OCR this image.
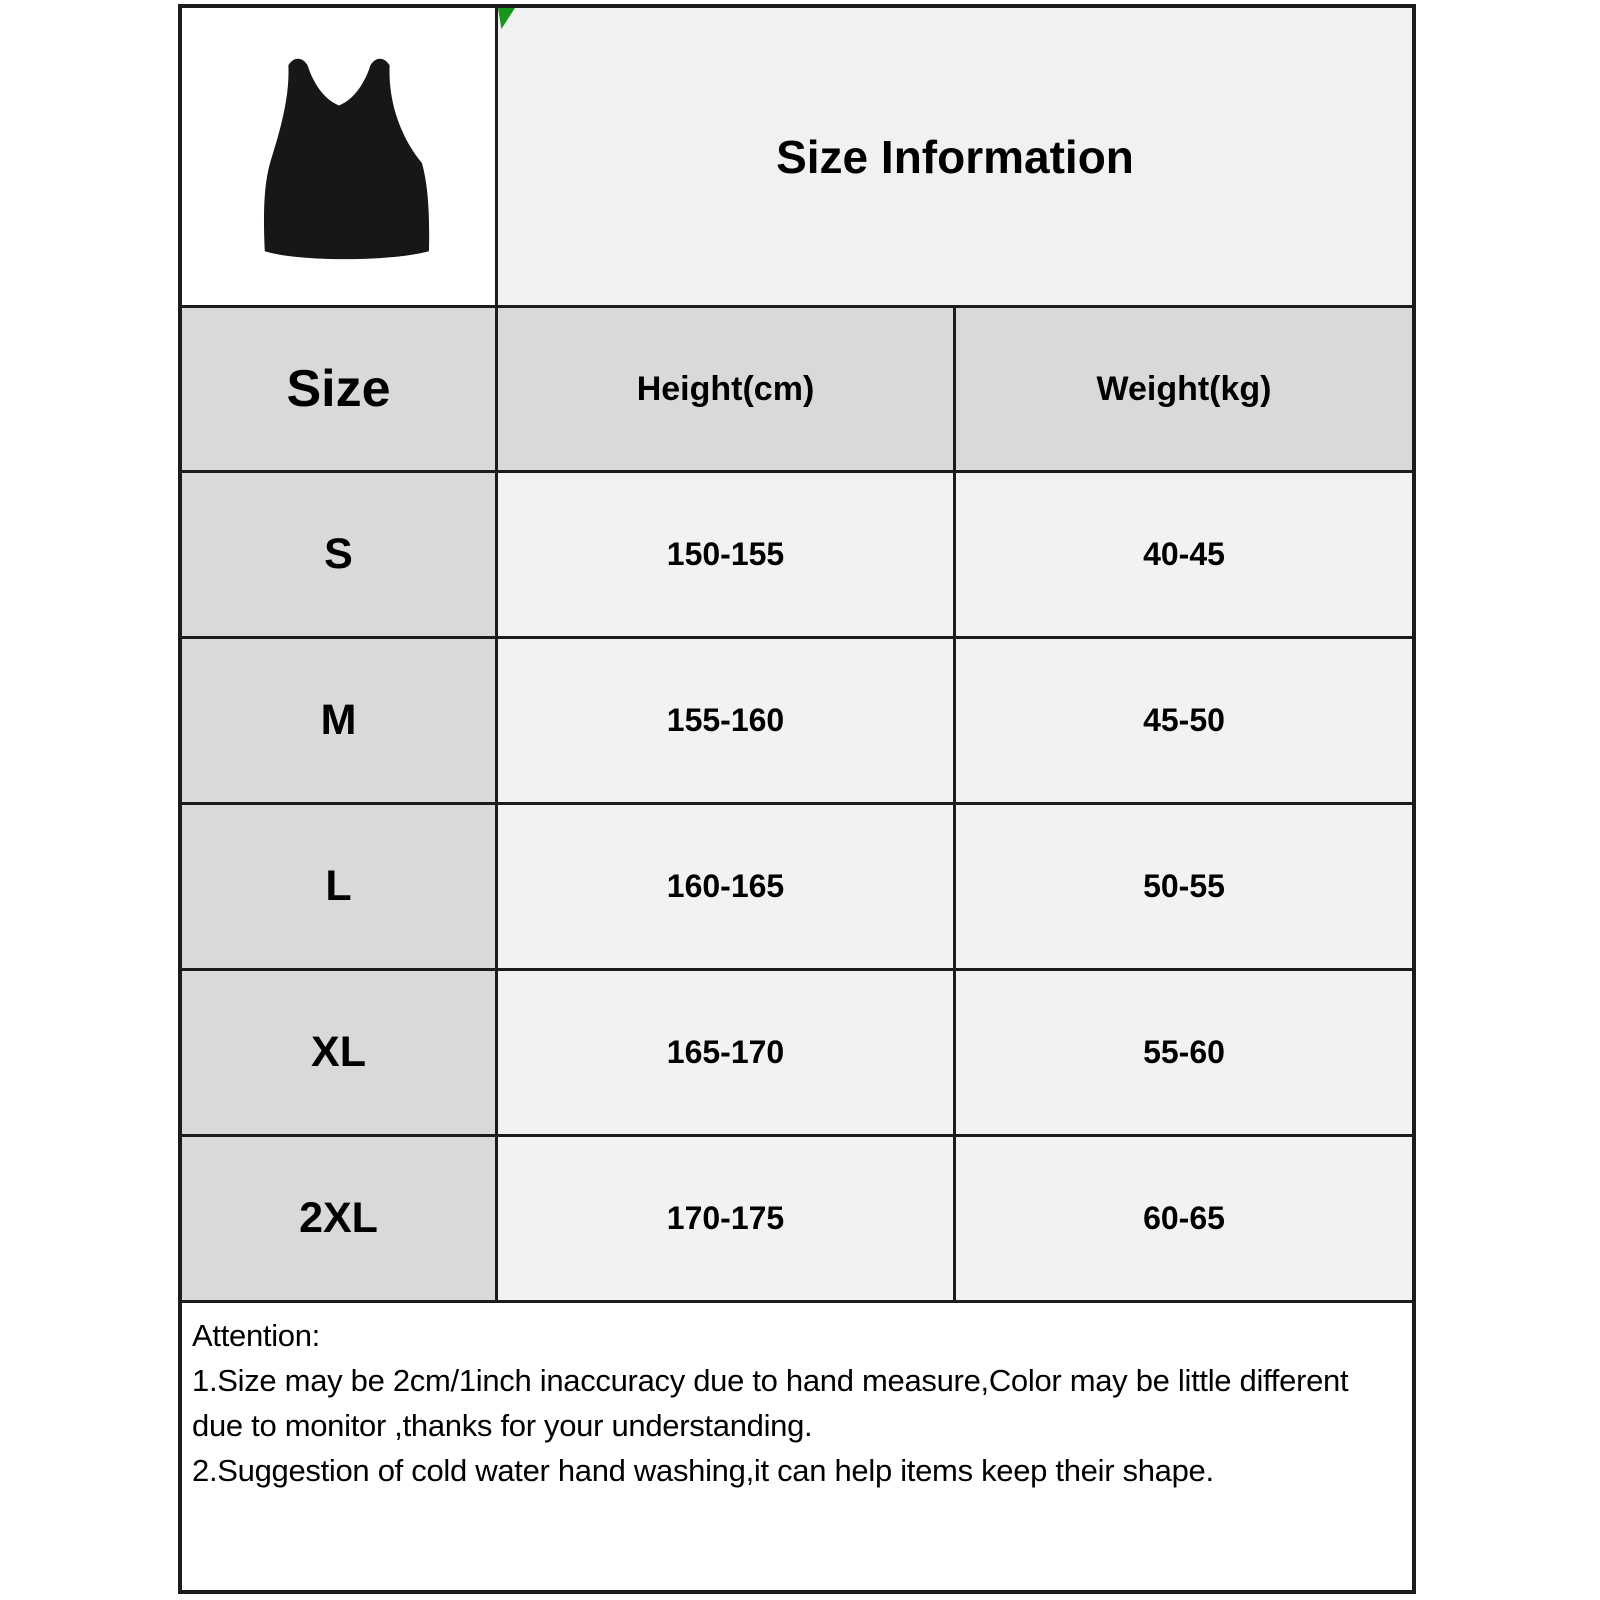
Size Information
Size	Height(cm)	Weight(kg)
S	150-155	40-45
M	155-160	45-50
L	160-165	50-55
XL	165-170	55-60
2XL	170-175	60-65

Attention:

1.Size may be 2cm/1inch inaccuracy due to hand measure,Color may be little different due to monitor ,thanks for your understanding.

2.Suggestion of cold water hand washing,it can help items keep their shape.
